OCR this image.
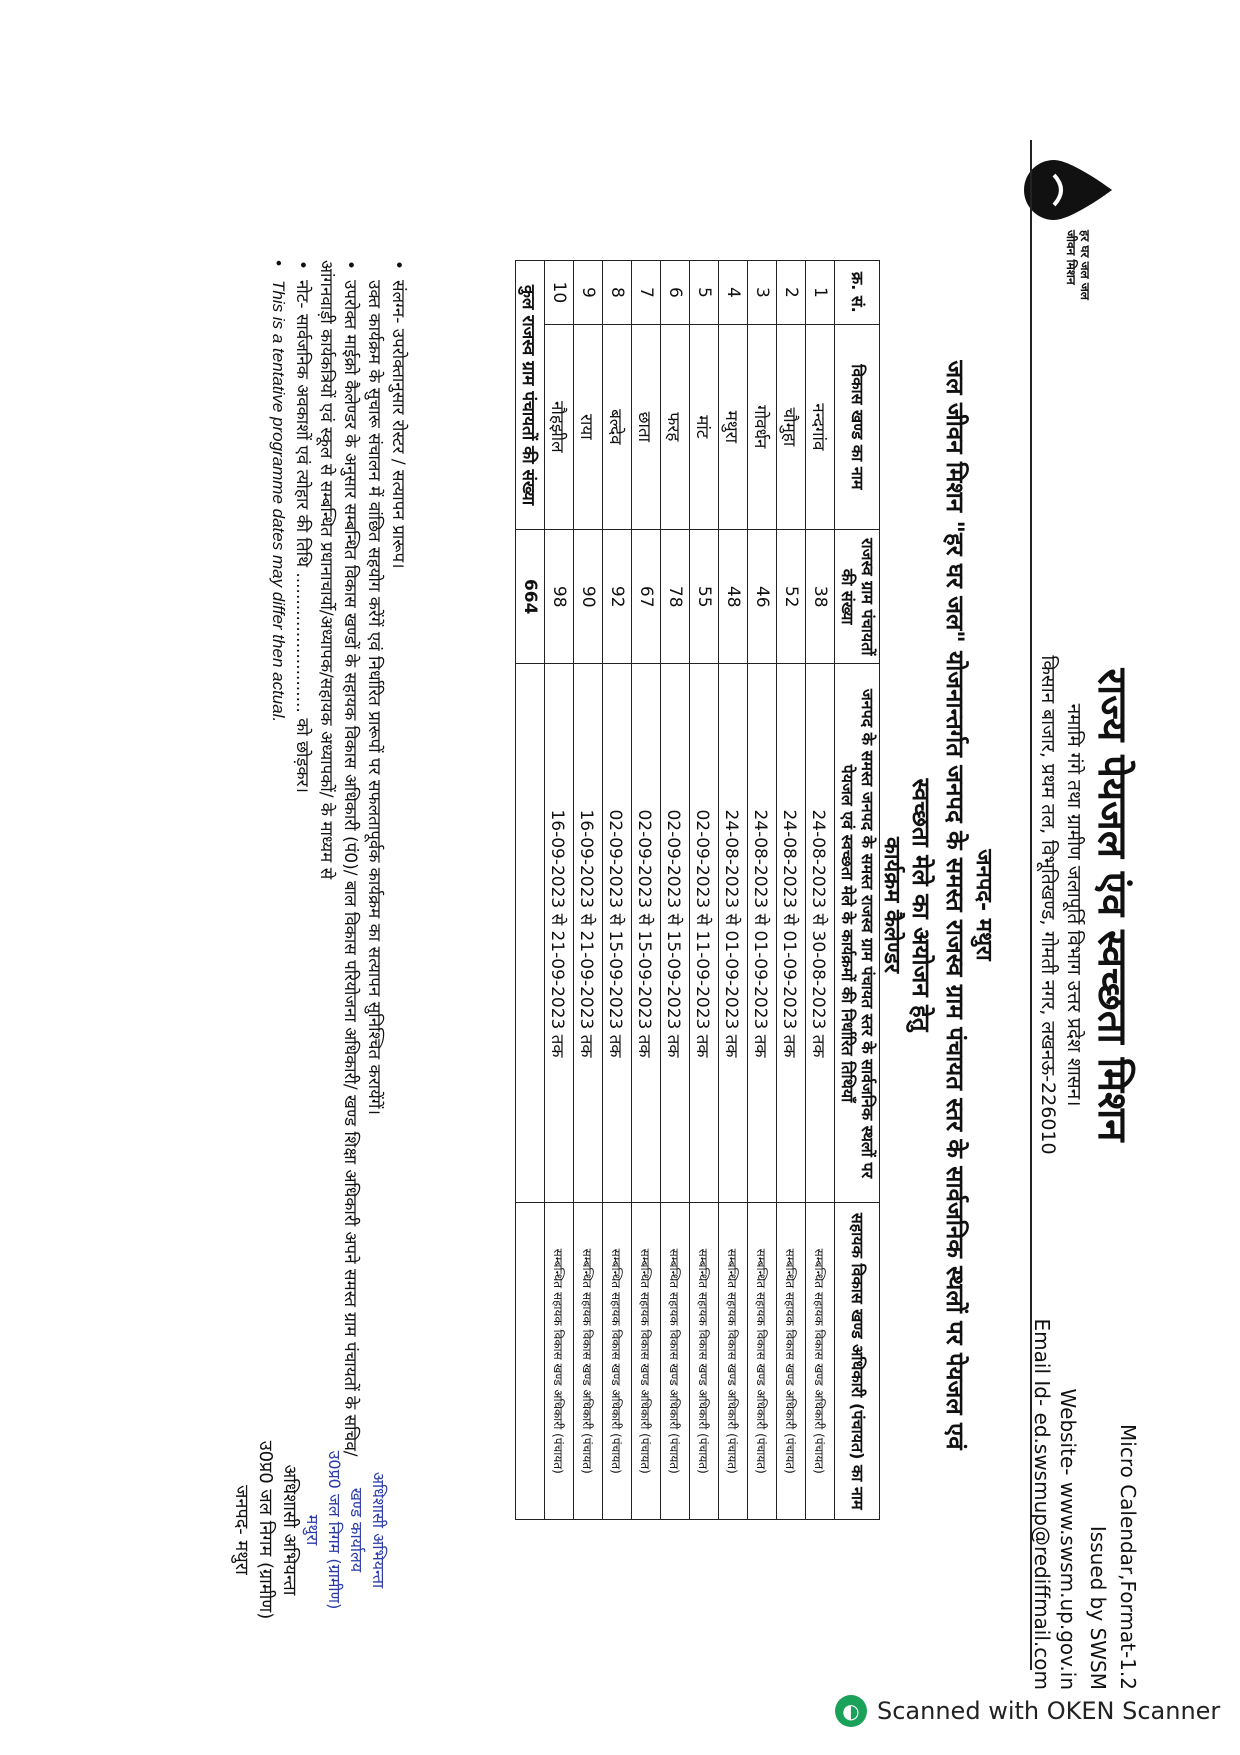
हर घर जल जल जीवन मिशन
राज्य पेयजल एंव स्वच्छता मिशन
नमामि गंगे तथा ग्रामीण जलापूर्ति विभाग उत्तर प्रदेश शासन।
किसान बाजार, प्रथम तल, विभूतिखण्ड, गोमती नगर, लखनऊ-226010
Micro Calendar,Format-1.2
Issued by SWSM
Website- www.swsm.up.gov.in
Email Id- ed.swsmup@rediffmail.com
जनपद- मथुरा
जल जीवन मिशन "हर घर जल" योजनान्तर्गत जनपद के समस्त राजस्व ग्राम पंचायत स्तर के सार्वजनिक स्थलों पर पेयजल एवं
स्वच्छता मेले का अयोजन हेतु
कार्यक्रम कैलेण्डर
क्र. सं.	विकास खण्ड का नाम	राजस्व ग्राम पंचायतों की संख्या	जनपद के समस्त जनपद के समस्त राजस्व ग्राम पंचायत स्तर के सार्वजनिक स्थलों पर पेयजल एवं स्वच्छता मेले के कार्यक्रमों की निर्धारित तिथियाँ	सहायक विकास खण्ड अधिकारी (पंचायत) का नाम
1	नन्दगांव	38	24-08-2023 से 30-08-2023 तक	सम्बन्धित सहायक विकास खण्ड अधिकारी (पंचायत)
2	चौमुहा	52	24-08-2023 से 01-09-2023 तक	सम्बन्धित सहायक विकास खण्ड अधिकारी (पंचायत)
3	गोवर्धन	46	24-08-2023 से 01-09-2023 तक	सम्बन्धित सहायक विकास खण्ड अधिकारी (पंचायत)
4	मथुरा	48	24-08-2023 से 01-09-2023 तक	सम्बन्धित सहायक विकास खण्ड अधिकारी (पंचायत)
5	मांट	55	02-09-2023 से 11-09-2023 तक	सम्बन्धित सहायक विकास खण्ड अधिकारी (पंचायत)
6	फरह	78	02-09-2023 से 15-09-2023 तक	सम्बन्धित सहायक विकास खण्ड अधिकारी (पंचायत)
7	छाता	67	02-09-2023 से 15-09-2023 तक	सम्बन्धित सहायक विकास खण्ड अधिकारी (पंचायत)
8	बल्देव	92	02-09-2023 से 15-09-2023 तक	सम्बन्धित सहायक विकास खण्ड अधिकारी (पंचायत)
9	राया	90	16-09-2023 से 21-09-2023 तक	सम्बन्धित सहायक विकास खण्ड अधिकारी (पंचायत)
10	नौहझील	98	16-09-2023 से 21-09-2023 तक	सम्बन्धित सहायक विकास खण्ड अधिकारी (पंचायत)
कुल राजस्व ग्राम पंचायतों की संख्या		664		
•संलग्न- उपरोक्तानुसार रोस्टर / सत्यापन प्रारूप।
उक्त कार्यक्रम के सुचारू संचालन में वांछित सहयोग करेंगें एवं निर्धारित प्रारूपों पर सफलतापूर्वक कार्यक्रम का सत्यापन सुनिश्चित करायेंगें।
•उपरोक्त माईक्रो कैलेण्डर के अनुसार सम्बन्धित विकास खण्डों के सहायक विकास अधिकारी (पं0)/ बाल विकास परियोजना अधिकारी/ खण्ड शिक्षा अधिकारी अपने समस्त ग्राम पंचायतों के सचिव/आंगनवाड़ी कार्यकत्रियों एवं स्कूल से सम्बन्धित प्रधानाचार्यो/अध्यापक/सहायक अध्यापकों/ के माध्यम से
•नोट- सार्वजनिक अवकाशों एवं त्योहार की तिथि .......................... को छोड़कर।
•This is a tentative programme dates may differ then actual.
अधिशासी अभियन्ता
खण्ड कार्यालय
उ0प्र0 जल निगम (ग्रामीण)
मथुरा
अधिशासी अभियन्ता
उ0प्र0 जल निगम (ग्रामीण)
जनपद- मथुरा
◐ Scanned with OKEN Scanner
